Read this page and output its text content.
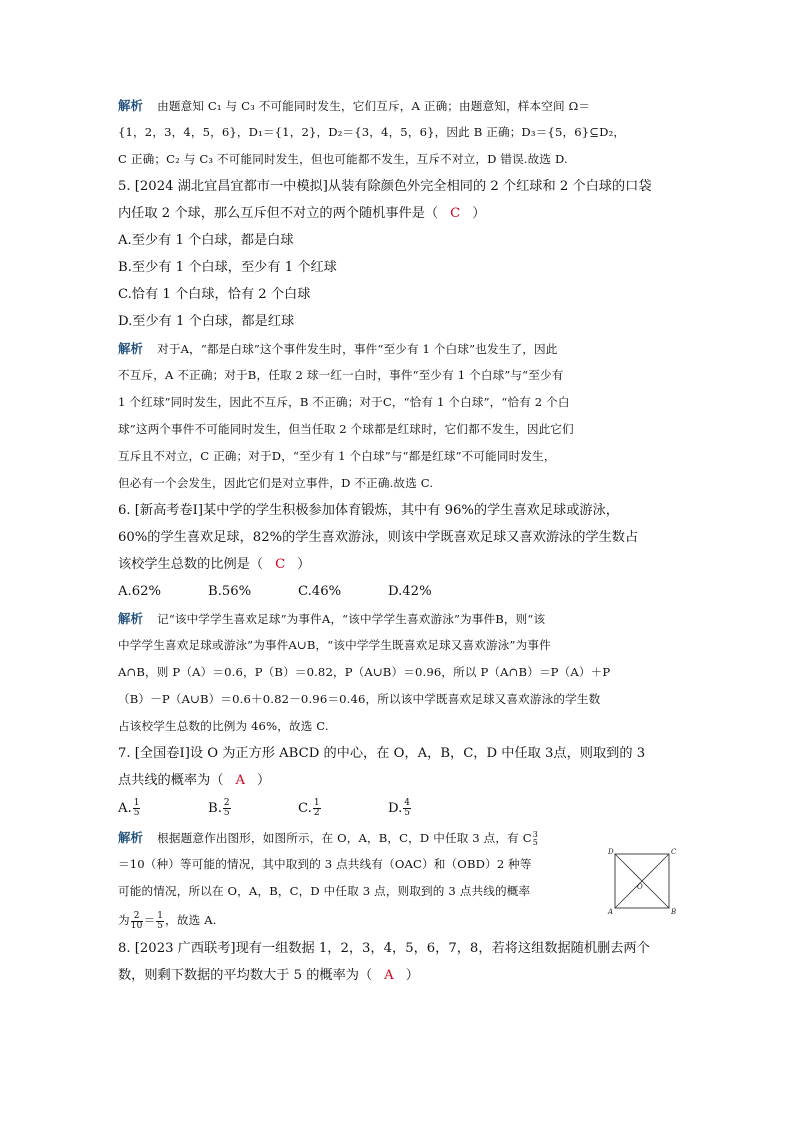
解析 由题意知 C₁ 与 C₃ 不可能同时发生，它们互斥，A 正确；由题意知，样本空间 Ω＝
{1，2，3，4，5，6}，D₁＝{1，2}，D₂＝{3，4，5，6}，因此 B 正确；D₃＝{5，6}⊆D₂，
C 正确；C₂ 与 C₃ 不可能同时发生，但也可能都不发生，互斥不对立，D 错误.故选 D.
5. [2024 湖北宜昌宜都市一中模拟]从装有除颜色外完全相同的 2 个红球和 2 个白球的口袋
内任取 2 个球，那么互斥但不对立的两个随机事件是（ C ）
A.至少有 1 个白球，都是白球
B.至少有 1 个白球，至少有 1 个红球
C.恰有 1 个白球，恰有 2 个白球
D.至少有 1 个白球，都是红球
解析 对于A，“都是白球”这个事件发生时，事件“至少有 1 个白球”也发生了，因此
不互斥，A 不正确；对于B，任取 2 球一红一白时，事件“至少有 1 个白球”与“至少有
1 个红球”同时发生，因此不互斥，B 不正确；对于C，“恰有 1 个白球”，“恰有 2 个白
球”这两个事件不可能同时发生，但当任取 2 个球都是红球时，它们都不发生，因此它们
互斥且不对立，C 正确；对于D，“至少有 1 个白球”与“都是红球”不可能同时发生，
但必有一个会发生，因此它们是对立事件，D 不正确.故选 C.
6. [新高考卷Ⅰ]某中学的学生积极参加体育锻炼，其中有 96%的学生喜欢足球或游泳，
60%的学生喜欢足球，82%的学生喜欢游泳，则该中学既喜欢足球又喜欢游泳的学生数占
该校学生总数的比例是（ C ）
A.62%	B.56%	C.46%	D.42%
解析 记“该中学学生喜欢足球”为事件A，“该中学学生喜欢游泳”为事件B，则“该
中学学生喜欢足球或游泳”为事件A∪B，“该中学学生既喜欢足球又喜欢游泳”为事件
A∩B，则 P（A）＝0.6，P（B）＝0.82，P（A∪B）＝0.96，所以 P（A∩B）＝P（A）＋P
（B）－P（A∪B）＝0.6＋0.82－0.96＝0.46，所以该中学既喜欢足球又喜欢游泳的学生数
占该校学生总数的比例为 46%，故选 C.
7. [全国卷Ⅰ]设 O 为正方形 ABCD 的中心，在 O，A，B，C，D 中任取 3点，则取到的 3
点共线的概率为（ A ）
A. $\frac{1}{5}$	B. $\frac{2}{5}$	C. $\frac{1}{2}$	D. $\frac{4}{5}$
解析 根据题意作出图形，如图所示，在 O，A，B，C，D 中任取 3 点，有 C 3
5
＝10（种）等可能的情况，其中取到的 3 点共线有（OAC）和（OBD）2 种等
可能的情况，所以在 O，A，B，C，D 中任取 3 点，则取到的 3 点共线的概率
为 $\frac{2}{10} = \frac{1}{5}$ ，故选 A.
8. [2023 广西联考]现有一组数据 1，2，3，4，5，6，7，8，若将这组数据随机删去两个
数，则剩下数据的平均数大于 5 的概率为（ A ）
D	C
A	B
O
